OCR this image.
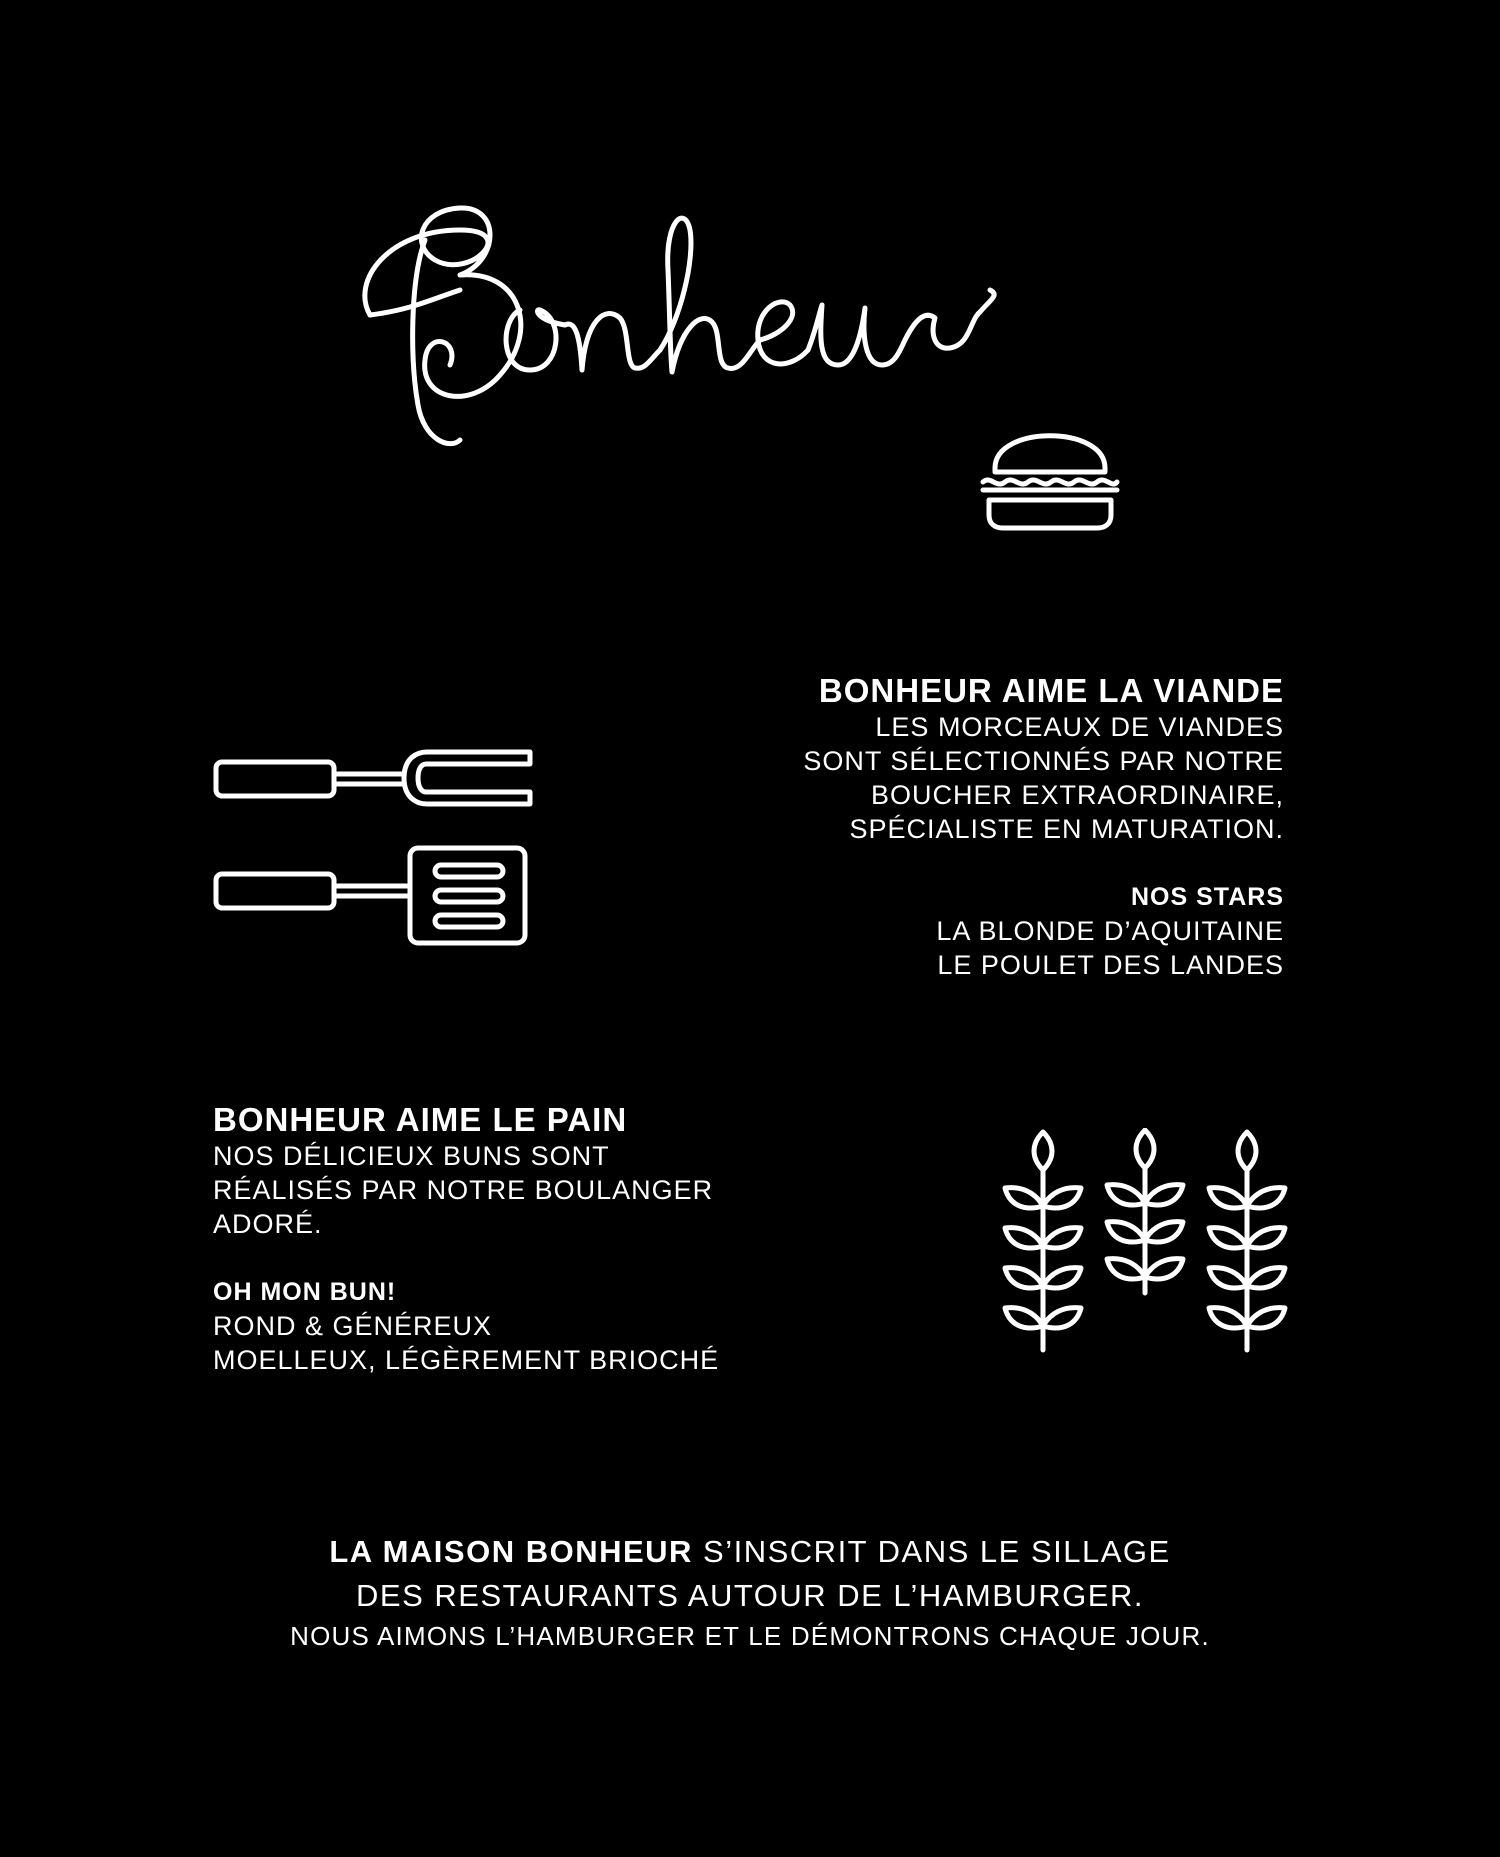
BONHEUR AIME LA VIANDE

LES MORCEAUX DE VIANDES

SONT SÉLECTIONNÉS PAR NOTRE

BOUCHER EXTRAORDINAIRE,

SPÉCIALISTE EN MATURATION.

NOS STARS

LA BLONDE D’AQUITAINE

LE POULET DES LANDES

BONHEUR AIME LE PAIN

NOS DÉLICIEUX BUNS SONT

RÉALISÉS PAR NOTRE BOULANGER

ADORÉ.

OH MON BUN!

ROND & GÉNÉREUX

MOELLEUX, LÉGÈREMENT BRIOCHÉ

LA MAISON BONHEUR S’INSCRIT DANS LE SILLAGE

DES RESTAURANTS AUTOUR DE L’HAMBURGER.

NOUS AIMONS L’HAMBURGER ET LE DÉMONTRONS CHAQUE JOUR.
